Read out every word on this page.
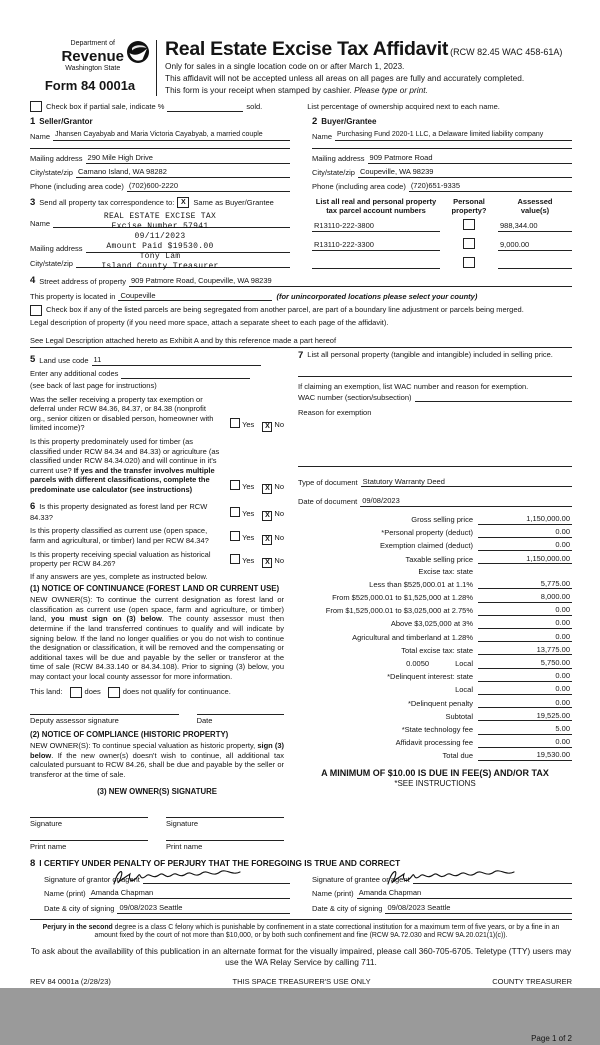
Department of
Revenue
Washington State
Form 84 0001a
Real Estate Excise Tax Affidavit (RCW 82.45 WAC 458-61A)
Only for sales in a single location code on or after March 1, 2023.
This affidavit will not be accepted unless all areas on all pages are fully and accurately completed.
This form is your receipt when stamped by cashier. Please type or print.
Check box if partial sale, indicate %	sold.	List percentage of ownership acquired next to each name.
1 Seller/Grantor
Name Jhansen Cayabyab and Maria Victoria Cayabyab, a married couple
Mailing address 290 Mile High Drive
City/state/zip Camano Island, WA 98282
Phone (including area code) (702)600-2220
2 Buyer/Grantee
Name Purchasing Fund 2020-1 LLC, a Delaware limited liability company
Mailing address 909 Patmore Road
City/state/zip Coupeville, WA 98239
Phone (including area code) (720)651-9335
3 Send all property tax correspondence to: X	Same as Buyer/Grantee
REAL ESTATE EXCISE TAX
Excise Number 57941
09/11/2023
Amount Paid $19530.00
Tony Lam
Island County Treasurer
Name
Mailing address
City/state/zip
List all real and personal property
tax parcel account numbers
Personal
property?
Assessed
value(s)
R13110-222-3800	988,344.00
R13110-222-3300	9,000.00
4 Street address of property 909 Patmore Road, Coupeville, WA 98239
This property is located in Coupeville	(for unincorporated locations please select your county)
Check box if any of the listed parcels are being segregated from another parcel, are part of a boundary line adjustment or parcels being merged.
Legal description of property (if you need more space, attach a separate sheet to each page of the affidavit).
See Legal Description attached hereto as Exhibit A and by this reference made a part hereof
5 Land use code 11
Enter any additional codes
(see back of last page for instructions)
Was the seller receiving a property tax exemption or deferral under RCW 84.36, 84.37, or 84.38 (nonprofit org., senior citizen or disabled person, homeowner with limited income)?	Yes X No
Is this property predominately used for timber (as classified under RCW 84.34 and 84.33) or agriculture (as classified under RCW 84.34.020) and will continue in it's current use? If yes and the transfer involves multiple parcels with different classifications, complete the predominate use calculator (see instructions)	Yes X No
6 Is this property designated as forest land per RCW 84.33?	Yes X No
Is this property classified as current use (open space, farm and agricultural, or timber) land per RCW 84.34?	Yes X No
Is this property receiving special valuation as historical property per RCW 84.26?	Yes X No
If any answers are yes, complete as instructed below.
(1) NOTICE OF CONTINUANCE (FOREST LAND OR CURRENT USE)
NEW OWNER(S): To continue the current designation as forest land or classification as current use (open space, farm and agriculture, or timber) land, you must sign on (3) below. The county assessor must then determine if the land transferred continues to qualify and will indicate by signing below. If the land no longer qualifies or you do not wish to continue the designation or classification, it will be removed and the compensating or additional taxes will be due and payable by the seller or transferor at the time of sale (RCW 84.33.140 or 84.34.108). Prior to signing (3) below, you may contact your local county assessor for more information.
This land:	does	does not qualify for continuance.
Deputy assessor signature	Date
(2) NOTICE OF COMPLIANCE (HISTORIC PROPERTY)
NEW OWNER(S): To continue special valuation as historic property, sign (3) below. If the new owner(s) doesn't wish to continue, all additional tax calculated pursuant to RCW 84.26, shall be due and payable by the seller or transferor at the time of sale.
(3) NEW OWNER(S) SIGNATURE
Signature	Signature
Print name	Print name
7 List all personal property (tangible and intangible) included in selling price.
If claiming an exemption, list WAC number and reason for exemption.
WAC number (section/subsection)
Reason for exemption
Type of document Statutory Warranty Deed
Date of document 09/08/2023
Gross selling price	1,150,000.00
*Personal property (deduct)	0.00
Exemption claimed (deduct)	0.00
Taxable selling price	1,150,000.00
Excise tax: state
Less than $525,000.01 at 1.1%	5,775.00
From $525,000.01 to $1,525,000 at 1.28%	8,000.00
From $1,525,000.01 to $3,025,000 at 2.75%	0.00
Above $3,025,000 at 3%	0.00
Agricultural and timberland at 1.28%	0.00
Total excise tax: state	13,775.00
0.0050	Local	5,750.00
*Delinquent interest: state	0.00
Local	0.00
*Delinquent penalty	0.00
Subtotal	19,525.00
*State technology fee	5.00
Affidavit processing fee	0.00
Total due	19,530.00
A MINIMUM OF $10.00 IS DUE IN FEE(S) AND/OR TAX
*SEE INSTRUCTIONS
8 I CERTIFY UNDER PENALTY OF PERJURY THAT THE FOREGOING IS TRUE AND CORRECT
Signature of grantor or agent
Name (print) Amanda Chapman
Date & city of signing 09/08/2023 Seattle
Signature of grantee or agent
Name (print) Amanda Chapman
Date & city of signing 09/08/2023 Seattle
Perjury in the second degree is a class C felony which is punishable by confinement in a state correctional institution for a maximum term of five years, or by a fine in an amount fixed by the court of not more than $10,000, or by both such confinement and fine (RCW 9A.72.030 and RCW 9A.20.021(1)(c)).
To ask about the availability of this publication in an alternate format for the visually impaired, please call 360-705-6705. Teletype (TTY) users may use the WA Relay Service by calling 711.
REV 84 0001a (2/28/23)	THIS SPACE TREASURER'S USE ONLY	COUNTY TREASURER
Page 1 of 2
